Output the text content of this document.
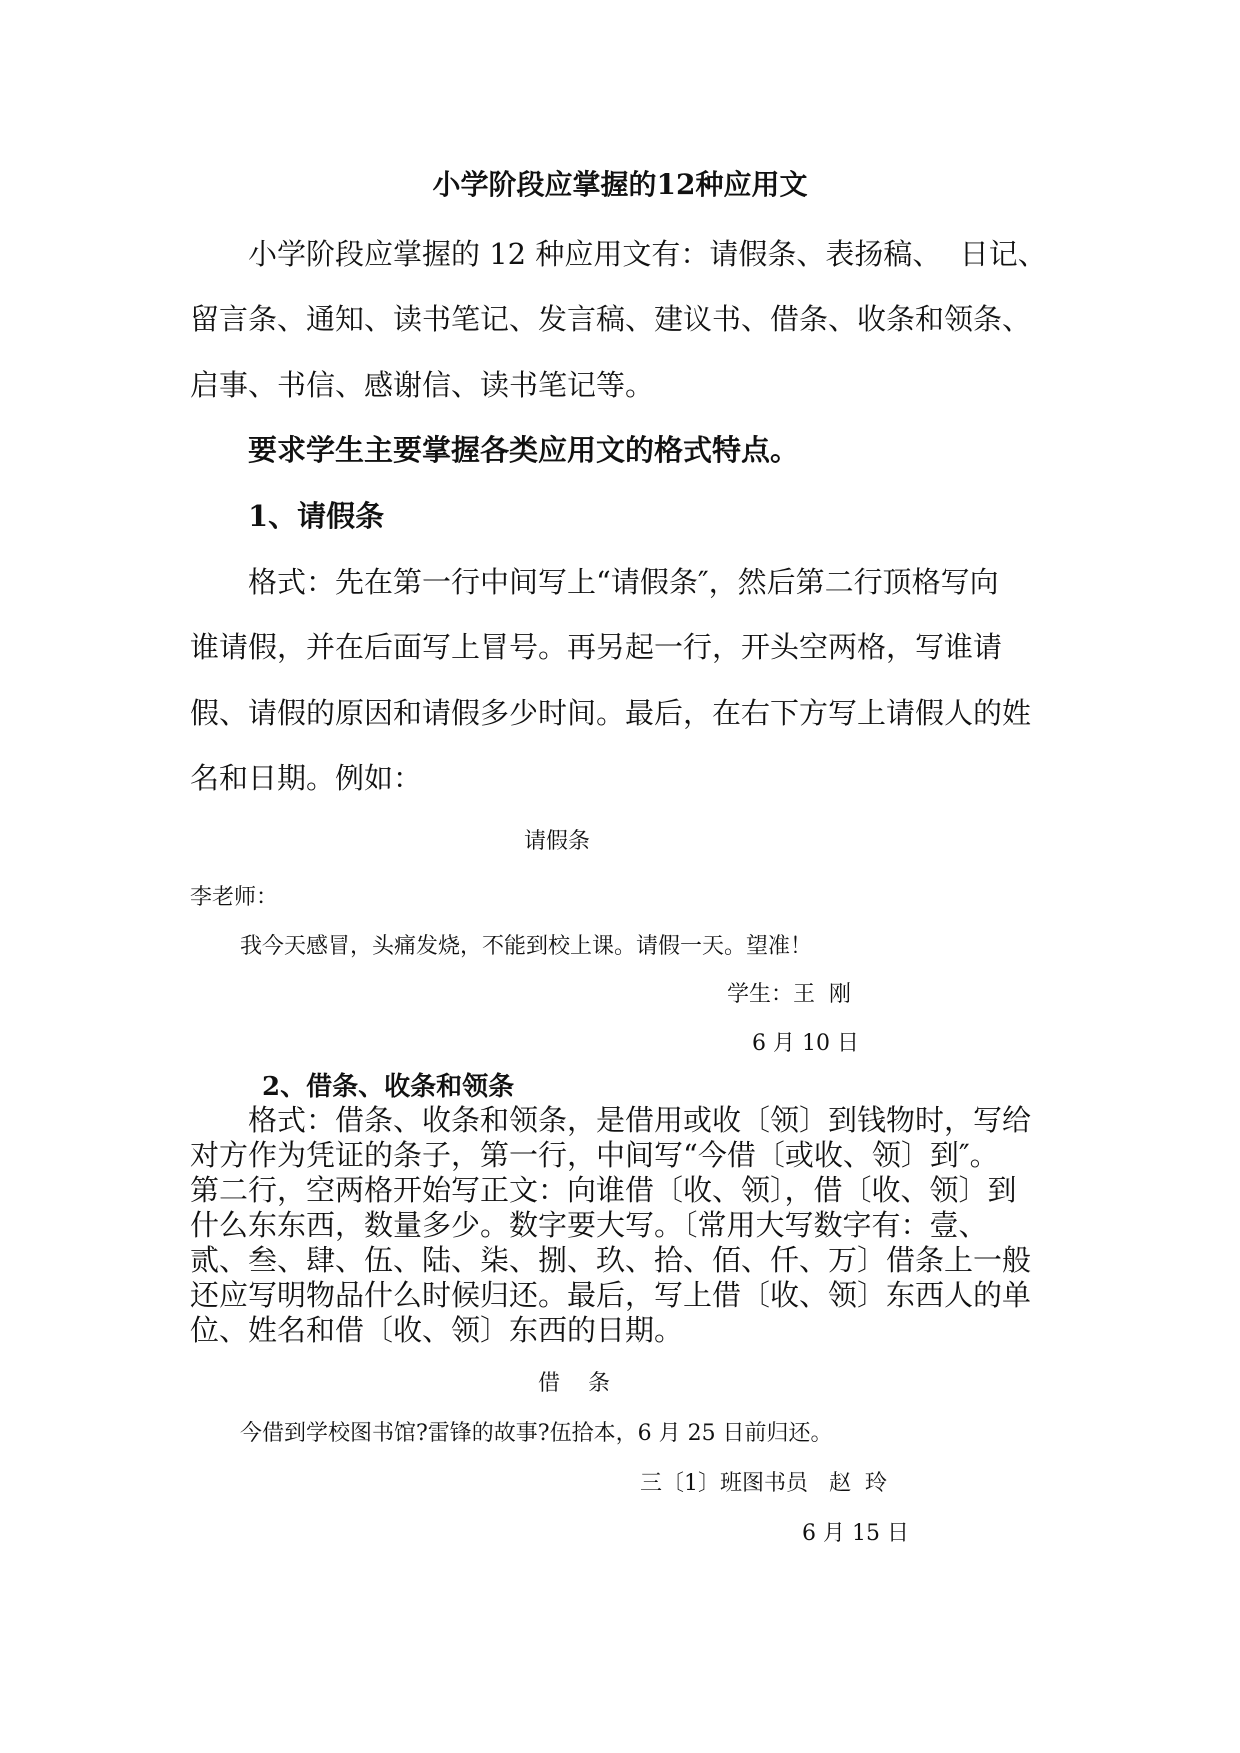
小学阶段应掌握的12种应用文
小学阶段应掌握的 12 种应用文有：请假条、表扬稿、  日记、
留言条、通知、读书笔记、发言稿、建议书、借条、收条和领条、
启事、书信、感谢信、读书笔记等。
要求学生主要掌握各类应用文的格式特点。
1、请假条
格式：先在第一行中间写上“请假条″，然后第二行顶格写向
谁请假，并在后面写上冒号。再另起一行，开头空两格，写谁请
假、请假的原因和请假多少时间。最后，在右下方写上请假人的姓
名和日期。例如：
请假条
李老师：
我今天感冒，头痛发烧，不能到校上课。请假一天。望准！
学生：王  刚
6 月 10 日
2、借条、收条和领条
格式：借条、收条和领条，是借用或收〔领〕到钱物时，写给
对方作为凭证的条子，第一行，中间写“今借〔或收、领〕到″。
第二行，空两格开始写正文：向谁借〔收、领〕，借〔收、领〕到
什么东东西，数量多少。数字要大写。〔常用大写数字有：壹、
贰、叁、肆、伍、陆、柒、捌、玖、拾、佰、仟、万〕借条上一般
还应写明物品什么时候归还。最后，写上借〔收、领〕东西人的单
位、姓名和借〔收、领〕东西的日期。
借    条
今借到学校图书馆?雷锋的故事?伍拾本，6 月 25 日前归还。
三〔1〕班图书员   赵  玲
6 月 15 日
